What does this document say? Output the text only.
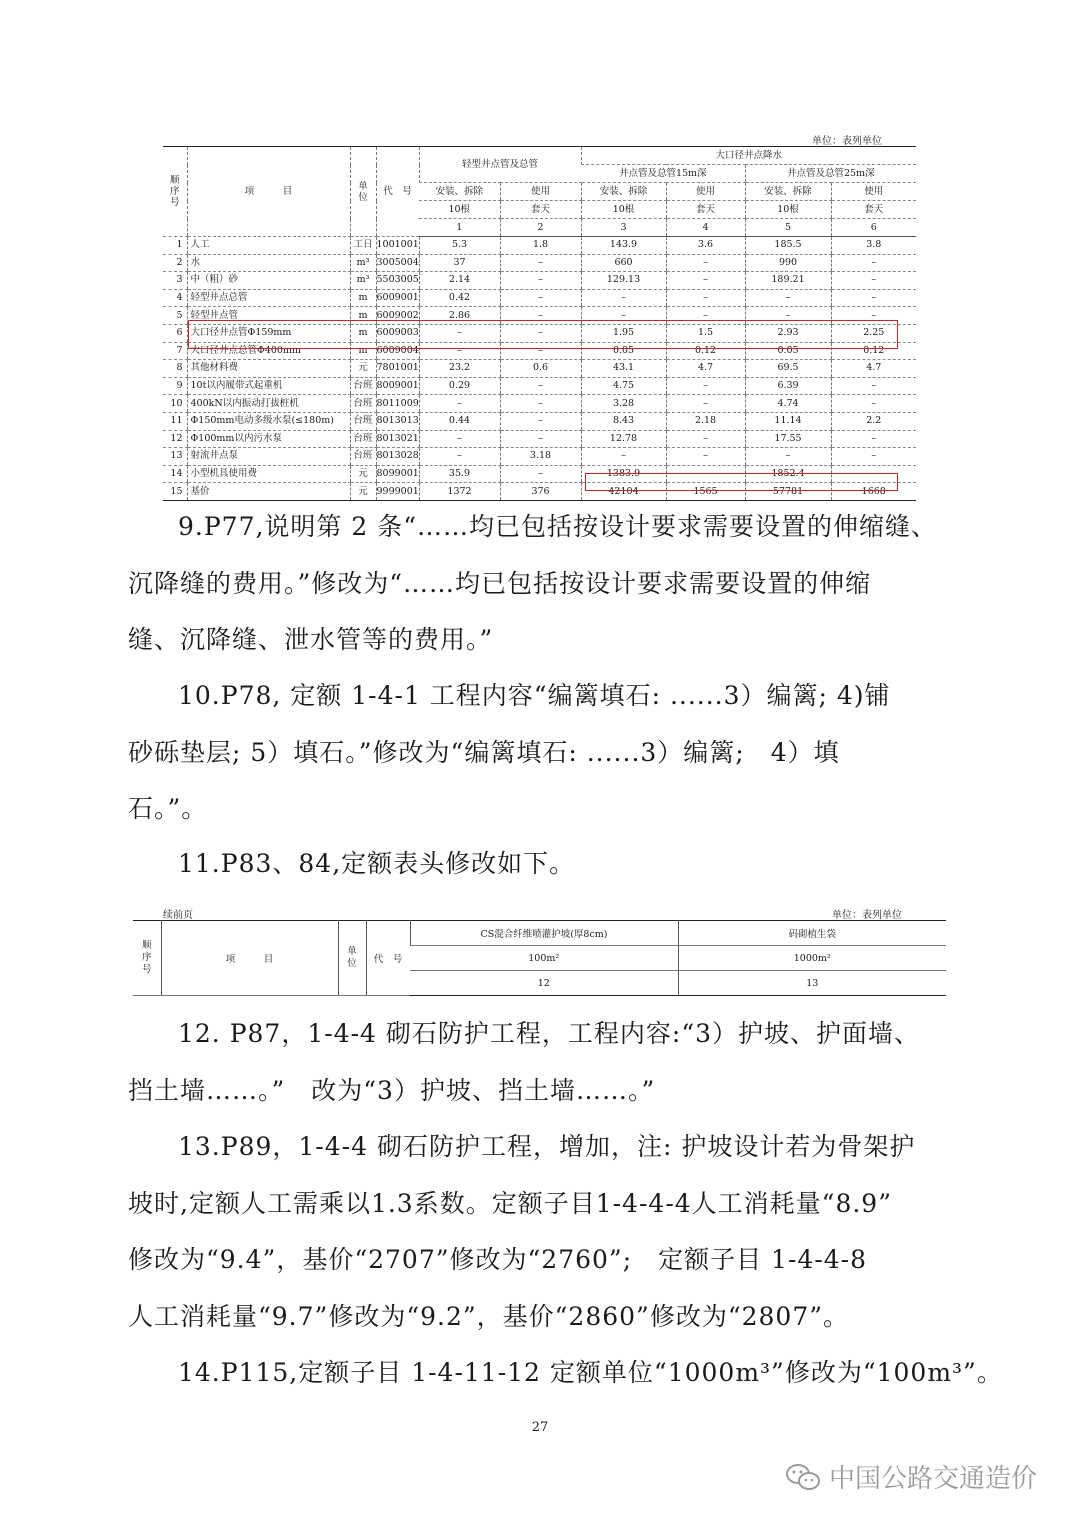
单位：表列单位
顺
序
号	项　　　目	单
位	代　号	轻型井点管及总管		大口径井点降水			
						井点管及总管15m深		井点管及总管25m深	
				安装、拆除	使用	安装、拆除	使用	安装、拆除	使用
				10根	套天	10根	套天	10根	套天
				1	2	3	4	5	6
1	人工	工日	1001001	5.3	1.8	143.9	3.6	185.5	3.8
2	水	m³	3005004	37	–	660	–	990	–
3	中（粗）砂	m³	5503005	2.14	–	129.13	–	189.21	–
4	轻型井点总管	m	6009001	0.42	–	–	–	–	–
5	轻型井点管	m	6009002	2.86	–	–	–	–	–
6	大口径井点管Φ159mm	m	6009003	–	–	1.95	1.5	2.93	2.25
7	大口径井点总管Φ400mm	m	6009004	–	–	0.05	0.12	0.05	0.12
8	其他材料费	元	7801001	23.2	0.6	43.1	4.7	69.5	4.7
9	10t以内履带式起重机	台班	8009001	0.29	–	4.75	–	6.39	–
10	400kN以内振动打拔桩机	台班	8011009	–	–	3.28	–	4.74	–
11	Φ150mm电动多级水泵(≤180m)	台班	8013013	0.44	–	8.43	2.18	11.14	2.2
12	Φ100mm以内污水泵	台班	8013021	–	–	12.78	–	17.55	–
13	射流井点泵	台班	8013028	–	3.18	–	–	–	–
14	小型机具使用费	元	8099001	35.9	–	1383.9	–	1852.4	–
15	基价	元	9999001	1372	376	42104	1565	57781	1668
9.P77,说明第 2 条“……均已包括按设计要求需要设置的伸缩缝、
沉降缝的费用。”修改为“……均已包括按设计要求需要设置的伸缩
缝、沉降缝、泄水管等的费用。”
10.P78, 定额 1-4-1 工程内容“编篱填石: ......3）编篱; 4)铺
砂砾垫层; 5）填石。”修改为“编篱填石: ......3）编篱;　4）填
石。”。
11.P83、84,定额表头修改如下。
续前页	单位：表列单位
顺
序
号	项　　　目	单
位	代　号	CS混合纤维喷灌护坡(厚8cm)	码砌植生袋
				100m²	1000m²
				12	13
12. P87，1-4-4 砌石防护工程，工程内容:“3）护坡、护面墙、
挡土墙……。”　改为“3）护坡、挡土墙……。”
13.P89，1-4-4 砌石防护工程，增加，注: 护坡设计若为骨架护
坡时,定额人工需乘以1.3系数。定额子目1-4-4-4人工消耗量“8.9”
修改为“9.4”，基价“2707”修改为“2760”;　定额子目 1-4-4-8
人工消耗量“9.7”修改为“9.2”，基价“2860”修改为“2807”。
14.P115,定额子目 1-4-11-12 定额单位“1000m³”修改为“100m³”。
27
中国公路交通造价
